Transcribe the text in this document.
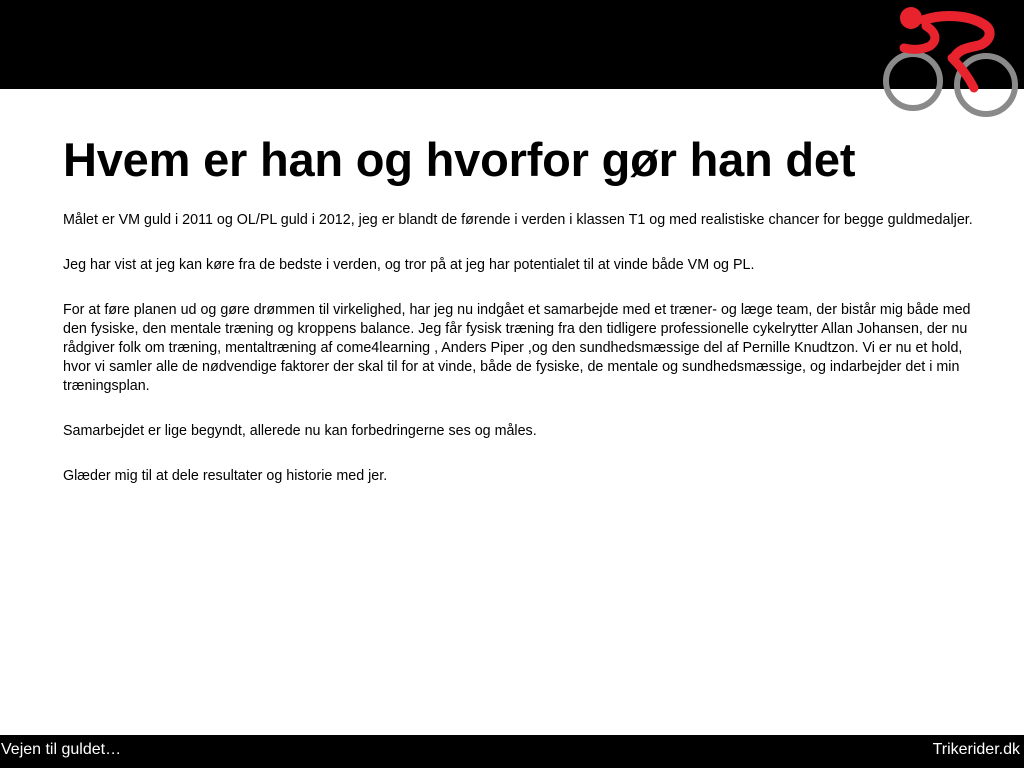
Hvem er han og hvorfor gør han det

Målet er VM guld i 2011 og OL/PL guld i 2012, jeg er blandt de førende i verden i klassen T1 og med realistiske chancer for begge guldmedaljer.

Jeg har vist at jeg kan køre fra de bedste i verden, og tror på at jeg har potentialet til at vinde både VM og PL.

For at føre planen ud og gøre drømmen til virkelighed, har jeg nu indgået et samarbejde med et træner- og læge team, der bistår mig både med den fysiske, den mentale træning og kroppens balance. Jeg får fysisk træning fra den tidligere professionelle cykelrytter Allan Johansen, der nu rådgiver folk om træning, mentaltræning af come4learning , Anders Piper ,og den sundhedsmæssige del af Pernille Knudtzon. Vi er nu et hold, hvor vi samler alle de nødvendige faktorer der skal til for at vinde, både de fysiske, de mentale og sundhedsmæssige, og indarbejder det i min træningsplan.

Samarbejdet er lige begyndt, allerede nu kan forbedringerne ses og måles.

Glæder mig til at dele resultater og historie med jer.

Vejen til guldet…	Trikerider.dk
